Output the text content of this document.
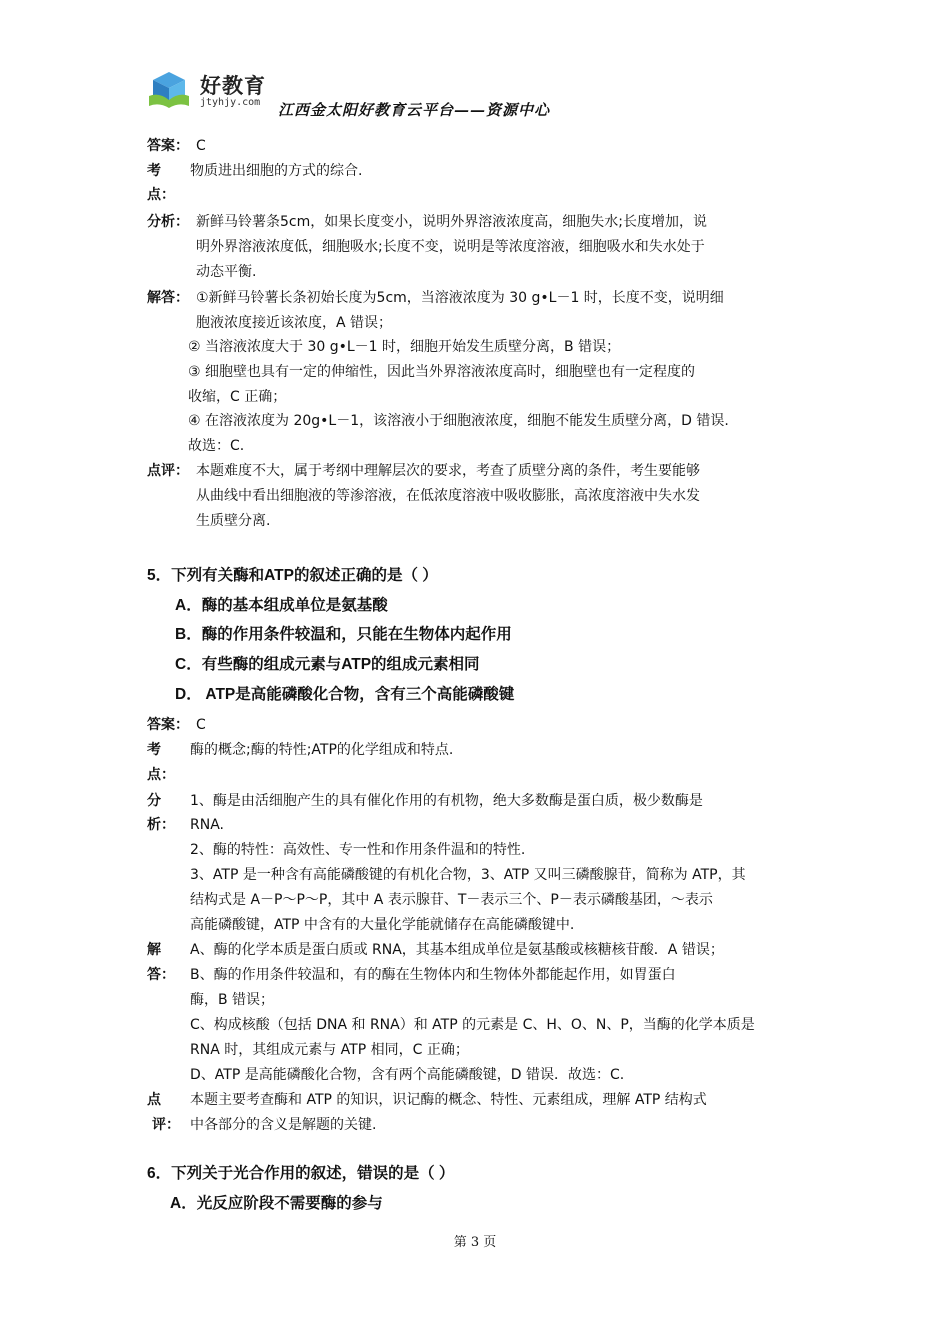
好教育
jtyhjy.com 江西金太阳好教育云平台——资源中心
答案： C
考
点：
物质进出细胞的方式的综合.
分析： 新鲜马铃薯条5cm，如果长度变小，说明外界溶液浓度高，细胞失水;长度增加，说
明外界溶液浓度低，细胞吸水;长度不变，说明是等浓度溶液，细胞吸水和失水处于
动态平衡.
解答： ①新鲜马铃薯长条初始长度为5cm，当溶液浓度为 30 g•L－1 时，长度不变，说明细
胞液浓度接近该浓度，A 错误；
② 当溶液浓度大于 30 g•L－1 时，细胞开始发生质壁分离，B 错误；
③ 细胞壁也具有一定的伸缩性，因此当外界溶液浓度高时，细胞壁也有一定程度的
收缩，C 正确；
④ 在溶液浓度为 20g•L－1，该溶液小于细胞液浓度，细胞不能发生质壁分离，D 错误.
故选：C.
点评： 本题难度不大，属于考纲中理解层次的要求，考查了质壁分离的条件，考生要能够
从曲线中看出细胞液的等渗溶液，在低浓度溶液中吸收膨胀，高浓度溶液中失水发
生质壁分离.
5．下列有关酶和ATP的叙述正确的是（ ）
A．酶的基本组成单位是氨基酸
B．酶的作用条件较温和，只能在生物体内起作用
C．有些酶的组成元素与ATP的组成元素相同
D． ATP是高能磷酸化合物，含有三个高能磷酸键
答案： C
考
点：
酶的概念;酶的特性;ATP的化学组成和特点.
分
析：
1、酶是由活细胞产生的具有催化作用的有机物，绝大多数酶是蛋白质，极少数酶是
RNA.
2、酶的特性：高效性、专一性和作用条件温和的特性.
3、ATP 是一种含有高能磷酸键的有机化合物，3、ATP 又叫三磷酸腺苷，简称为 ATP，其
结构式是 A－P～P～P，其中 A 表示腺苷、T－表示三个、P－表示磷酸基团，～表示
高能磷酸键，ATP 中含有的大量化学能就储存在高能磷酸键中.
解
答：
A、酶的化学本质是蛋白质或 RNA，其基本组成单位是氨基酸或核糖核苷酸．A 错误；
B、酶的作用条件较温和，有的酶在生物体内和生物体外都能起作用，如胃蛋白
酶，B 错误；
C、构成核酸（包括 DNA 和 RNA）和 ATP 的元素是 C、H、O、N、P，当酶的化学本质是
RNA 时，其组成元素与 ATP 相同，C 正确；
D、ATP 是高能磷酸化合物，含有两个高能磷酸键，D 错误．故选：C.
点
评：
本题主要考查酶和 ATP 的知识，识记酶的概念、特性、元素组成，理解 ATP 结构式
中各部分的含义是解题的关键.
6．下列关于光合作用的叙述，错误的是（ ）
A．光反应阶段不需要酶的参与
第 3 页
